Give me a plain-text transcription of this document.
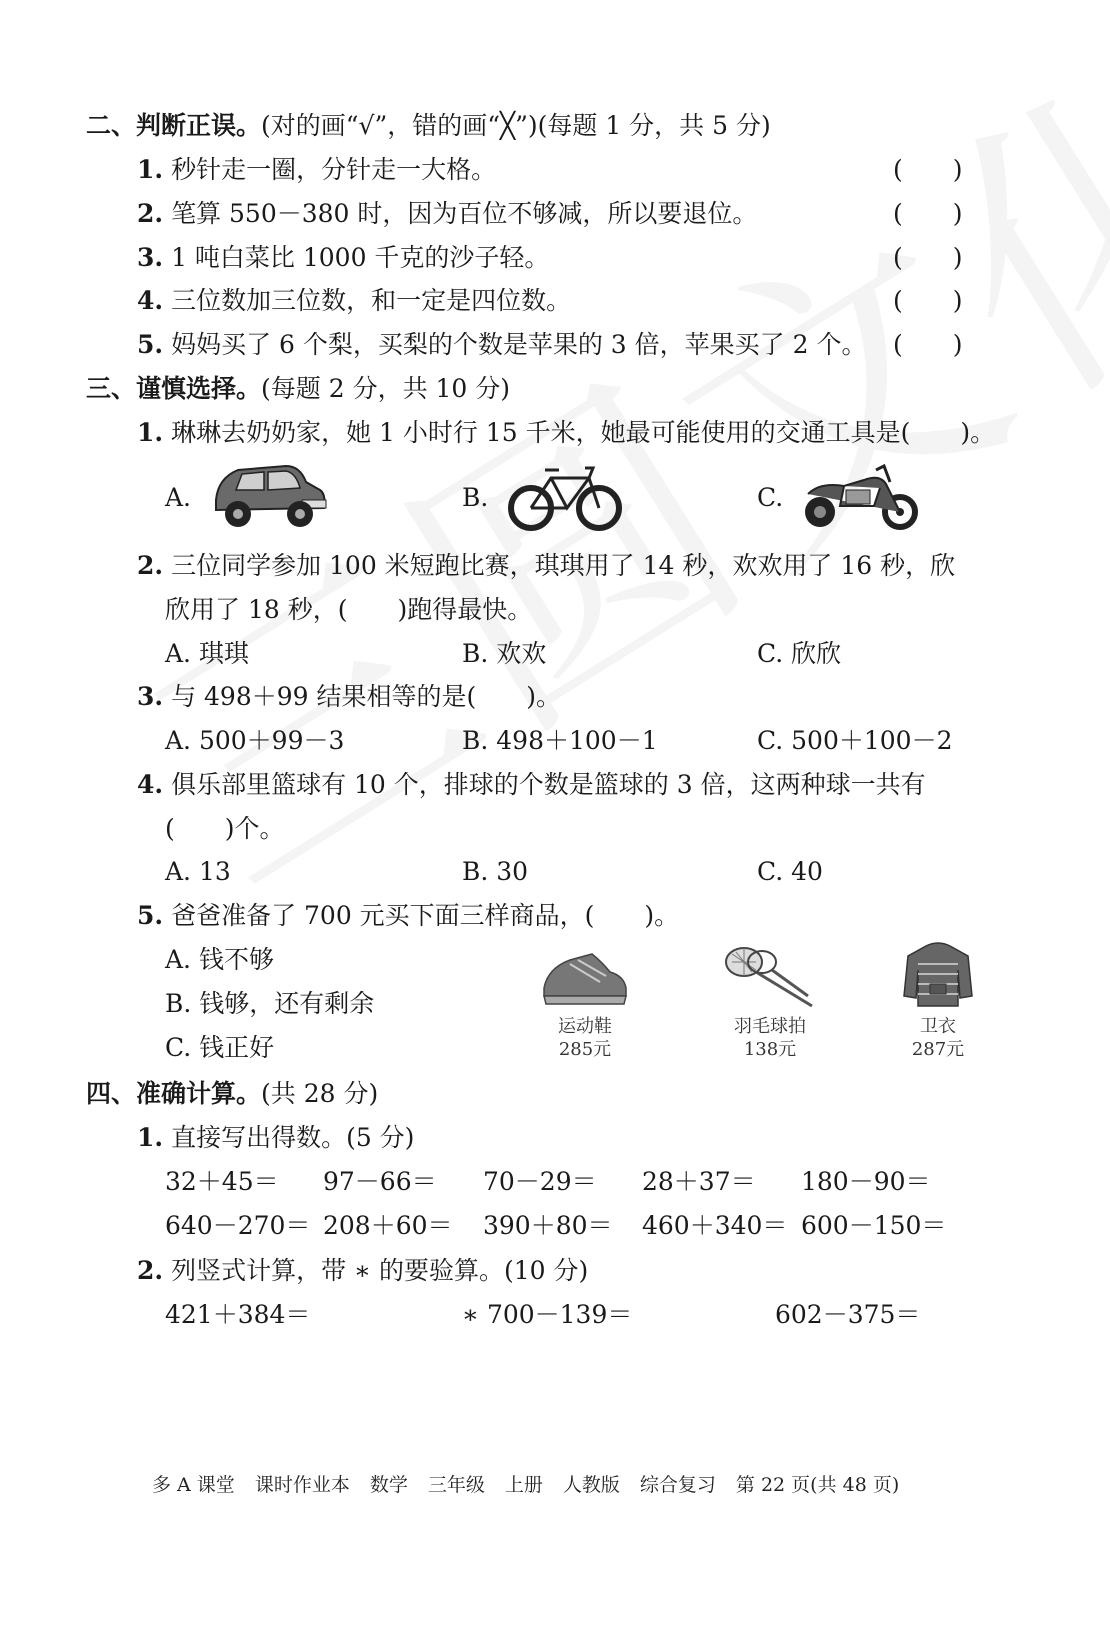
二、判断正误。(对的画“√”，错的画“╳”)(每题 1 分，共 5 分)
1. 秒针走一圈，分针走一大格。	(　　)
2. 笔算 550－380 时，因为百位不够减，所以要退位。	(　　)
3. 1 吨白菜比 1000 千克的沙子轻。	(　　)
4. 三位数加三位数，和一定是四位数。	(　　)
5. 妈妈买了 6 个梨，买梨的个数是苹果的 3 倍，苹果买了 2 个。 (　　)
三、谨慎选择。(每题 2 分，共 10 分)
1. 琳琳去奶奶家，她 1 小时行 15 千米，她最可能使用的交通工具是(　　)。
A.	B.	C.
2. 三位同学参加 100 米短跑比赛，琪琪用了 14 秒，欢欢用了 16 秒，欣
欣用了 18 秒，(　　)跑得最快。
A. 琪琪	B. 欢欢	C. 欣欣
3. 与 498＋99 结果相等的是(　　)。
A. 500＋99－3	B. 498＋100－1	C. 500＋100－2
4. 俱乐部里篮球有 10 个，排球的个数是篮球的 3 倍，这两种球一共有
(　　)个。
A. 13	B. 30	C. 40
5. 爸爸准备了 700 元买下面三样商品，(　　)。
A. 钱不够
B. 钱够，还有剩余
C. 钱正好
运动鞋
285元
羽毛球拍
138元
卫衣
287元
四、准确计算。(共 28 分)
1. 直接写出得数。(5 分)
32＋45＝ 97－66＝ 70－29＝ 28＋37＝ 180－90＝
640－270＝ 208＋60＝ 390＋80＝ 460＋340＝ 600－150＝
2. 列竖式计算，带 ∗ 的要验算。(10 分)
421＋384＝	∗ 700－139＝	602－375＝
多 A 课堂 课时作业本 数学 三年级 上册 人教版 综合复习 第 22 页(共 48 页)
